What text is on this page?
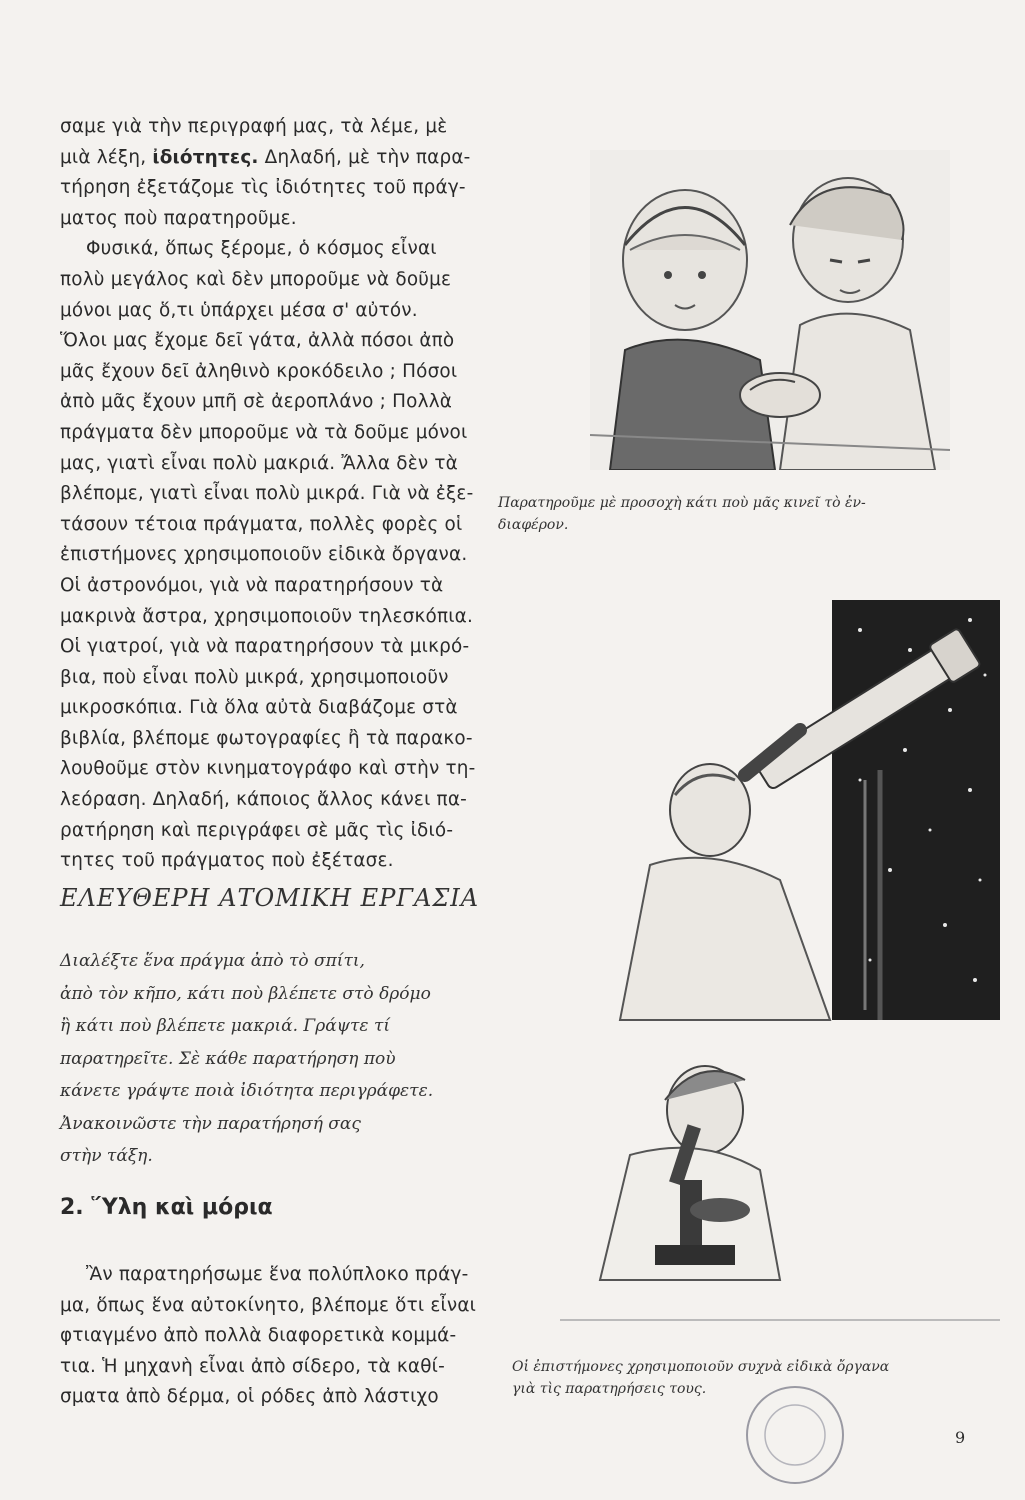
σαμε γιὰ τὴν περιγραφή μας, τὰ λέμε, μὲ

μιὰ λέξη, ἰδιότητες. Δηλαδή, μὲ τὴν παρα-

τήρηση ἐξετάζομε τὶς ἰδιότητες τοῦ πράγ-

ματος ποὺ παρατηροῦμε.

Φυσικά, ὅπως ξέρομε, ὁ κόσμος εἶναι

πολὺ μεγάλος καὶ δὲν μποροῦμε νὰ δοῦμε

μόνοι μας ὅ,τι ὑπάρχει μέσα σ' αὐτόν.

Ὅλοι μας ἔχομε δεῖ γάτα, ἀλλὰ πόσοι ἀπὸ

μᾶς ἔχουν δεῖ ἀληθινὸ κροκόδειλο ; Πόσοι

ἀπὸ μᾶς ἔχουν μπῆ σὲ ἀεροπλάνο ; Πολλὰ

πράγματα δὲν μποροῦμε νὰ τὰ δοῦμε μόνοι

μας, γιατὶ εἶναι πολὺ μακριά. Ἄλλα δὲν τὰ

βλέπομε, γιατὶ εἶναι πολὺ μικρά. Γιὰ νὰ ἐξε-

τάσουν τέτοια πράγματα, πολλὲς φορὲς οἱ

ἐπιστήμονες χρησιμοποιοῦν εἰδικὰ ὄργανα.

Οἱ ἀστρονόμοι, γιὰ νὰ παρατηρήσουν τὰ

μακρινὰ ἄστρα, χρησιμοποιοῦν τηλεσκόπια.

Οἱ γιατροί, γιὰ νὰ παρατηρήσουν τὰ μικρό-

βια, ποὺ εἶναι πολὺ μικρά, χρησιμοποιοῦν

μικροσκόπια. Γιὰ ὅλα αὐτὰ διαβάζομε στὰ

βιβλία, βλέπομε φωτογραφίες ἢ τὰ παρακο-

λουθοῦμε στὸν κινηματογράφο καὶ στὴν τη-

λεόραση. Δηλαδή, κάποιος ἄλλος κάνει πα-

ρατήρηση καὶ περιγράφει σὲ μᾶς τὶς ἰδιό-

τητες τοῦ πράγματος ποὺ ἐξέτασε.

ΕΛΕΥΘΕΡΗ ΑΤΟΜΙΚΗ ΕΡΓΑΣΙΑ
Διαλέξτε ἕνα πράγμα ἀπὸ τὸ σπίτι,
ἀπὸ τὸν κῆπο, κάτι ποὺ βλέπετε στὸ δρόμο
ἢ κάτι ποὺ βλέπετε μακριά. Γράψτε τί
παρατηρεῖτε. Σὲ κάθε παρατήρηση ποὺ
κάνετε γράψτε ποιὰ ἰδιότητα περιγράφετε.
Ἀνακοινῶστε τὴν παρατήρησή σας
στὴν τάξη.
2. Ὕλη καὶ μόρια

Ἂν παρατηρήσωμε ἕνα πολύπλοκο πράγ-

μα, ὅπως ἕνα αὐτοκίνητο, βλέπομε ὅτι εἶναι

φτιαγμένο ἀπὸ πολλὰ διαφορετικὰ κομμά-

τια. Ἡ μηχανὴ εἶναι ἀπὸ σίδερο, τὰ καθί-

σματα ἀπὸ δέρμα, οἱ ρόδες ἀπὸ λάστιχο

Παρατηροῦμε μὲ προσοχὴ κάτι ποὺ μᾶς κινεῖ τὸ ἐν-
διαφέρον.
Οἱ ἐπιστήμονες χρησιμοποιοῦν συχνὰ εἰδικὰ ὄργανα
γιὰ τὶς παρατηρήσεις τους.
9
